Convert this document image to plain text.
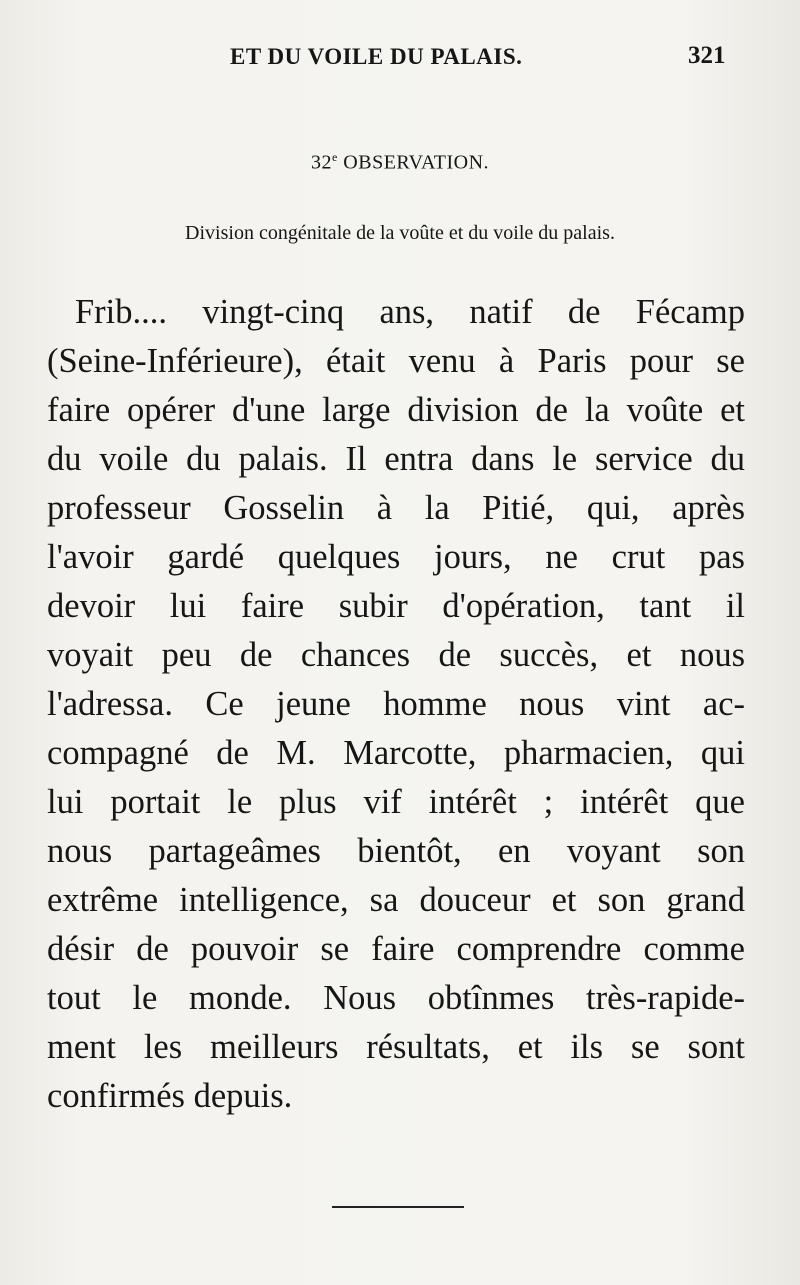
ET DU VOILE DU PALAIS.	321
32e OBSERVATION.
Division congénitale de la voûte et du voile du palais.
Frib.... vingt-cinq ans, natif de Fécamp
(Seine-Inférieure), était venu à Paris pour se
faire opérer d'une large division de la voûte et
du voile du palais. Il entra dans le service du
professeur Gosselin à la Pitié, qui, après
l'avoir gardé quelques jours, ne crut pas
devoir lui faire subir d'opération, tant il
voyait peu de chances de succès, et nous
l'adressa. Ce jeune homme nous vint ac-
compagné de M. Marcotte, pharmacien, qui
lui portait le plus vif intérêt ; intérêt que
nous partageâmes bientôt, en voyant son
extrême intelligence, sa douceur et son grand
désir de pouvoir se faire comprendre comme
tout le monde. Nous obtînmes très-rapide-
ment les meilleurs résultats, et ils se sont
confirmés depuis.
